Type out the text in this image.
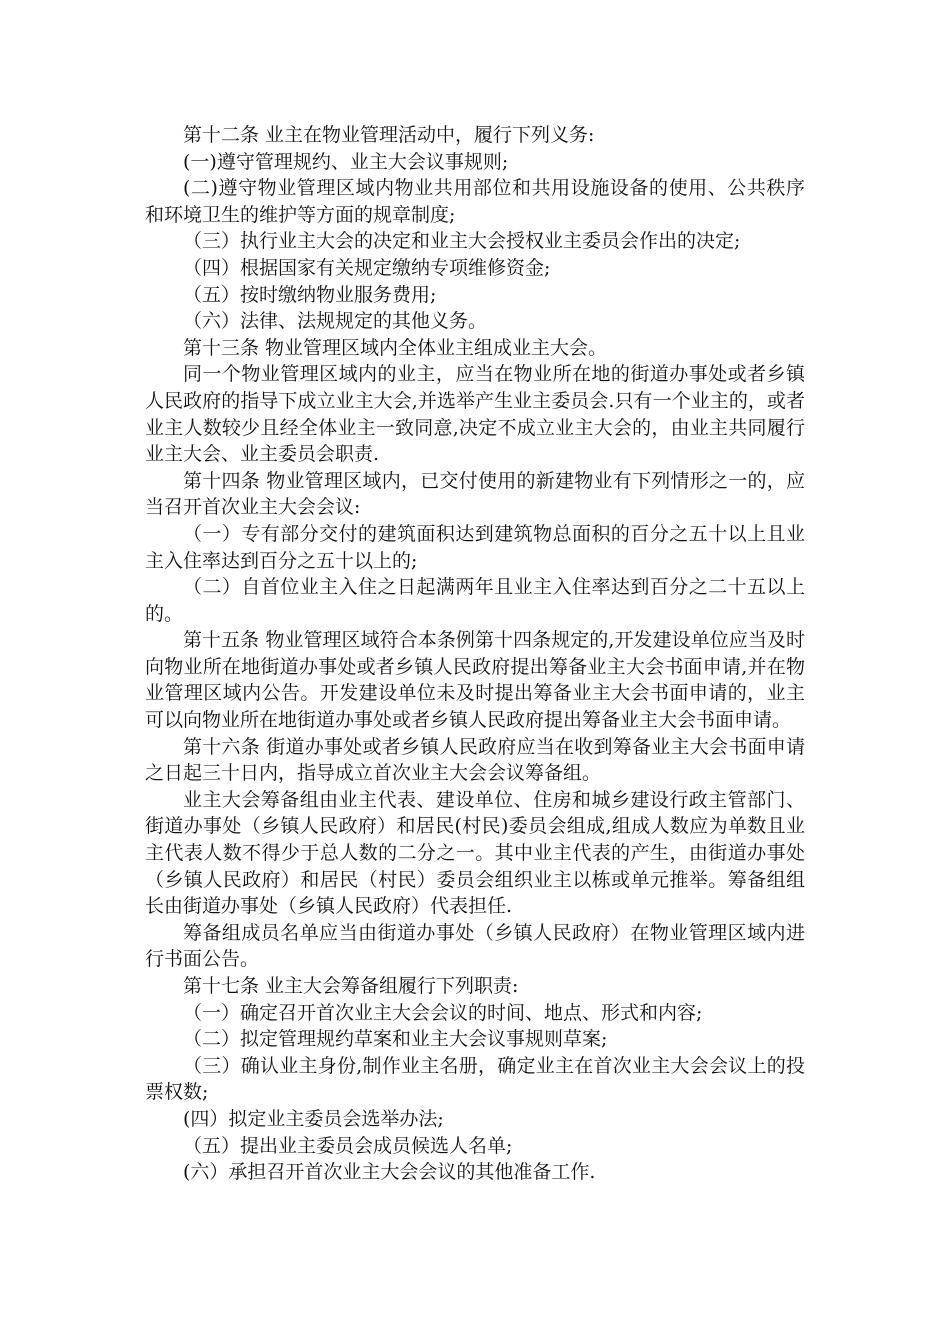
第十二条 业主在物业管理活动中，履行下列义务:

(一)遵守管理规约、业主大会议事规则;

(二)遵守物业管理区域内物业共用部位和共用设施设备的使用、公共秩序和环境卫生的维护等方面的规章制度;

（三）执行业主大会的决定和业主大会授权业主委员会作出的决定;

（四）根据国家有关规定缴纳专项维修资金;

（五）按时缴纳物业服务费用;

（六）法律、法规规定的其他义务。

第十三条 物业管理区域内全体业主组成业主大会。

同一个物业管理区域内的业主，应当在物业所在地的街道办事处或者乡镇人民政府的指导下成立业主大会,并选举产生业主委员会.只有一个业主的，或者业主人数较少且经全体业主一致同意,决定不成立业主大会的，由业主共同履行业主大会、业主委员会职责.

第十四条 物业管理区域内，已交付使用的新建物业有下列情形之一的，应当召开首次业主大会会议:

（一）专有部分交付的建筑面积达到建筑物总面积的百分之五十以上且业主入住率达到百分之五十以上的;

（二）自首位业主入住之日起满两年且业主入住率达到百分之二十五以上的。

第十五条 物业管理区域符合本条例第十四条规定的,开发建设单位应当及时向物业所在地街道办事处或者乡镇人民政府提出筹备业主大会书面申请,并在物业管理区域内公告。开发建设单位未及时提出筹备业主大会书面申请的，业主可以向物业所在地街道办事处或者乡镇人民政府提出筹备业主大会书面申请。

第十六条 街道办事处或者乡镇人民政府应当在收到筹备业主大会书面申请之日起三十日内，指导成立首次业主大会会议筹备组。

业主大会筹备组由业主代表、建设单位、住房和城乡建设行政主管部门、街道办事处（乡镇人民政府）和居民(村民)委员会组成,组成人数应为单数且业主代表人数不得少于总人数的二分之一。其中业主代表的产生，由街道办事处（乡镇人民政府）和居民（村民）委员会组织业主以栋或单元推举。筹备组组长由街道办事处（乡镇人民政府）代表担任.

筹备组成员名单应当由街道办事处（乡镇人民政府）在物业管理区域内进行书面公告。

第十七条 业主大会筹备组履行下列职责:

（一）确定召开首次业主大会会议的时间、地点、形式和内容;

（二）拟定管理规约草案和业主大会议事规则草案;

（三）确认业主身份,制作业主名册，确定业主在首次业主大会会议上的投票权数;

(四）拟定业主委员会选举办法;

（五）提出业主委员会成员候选人名单;

(六）承担召开首次业主大会会议的其他准备工作.
